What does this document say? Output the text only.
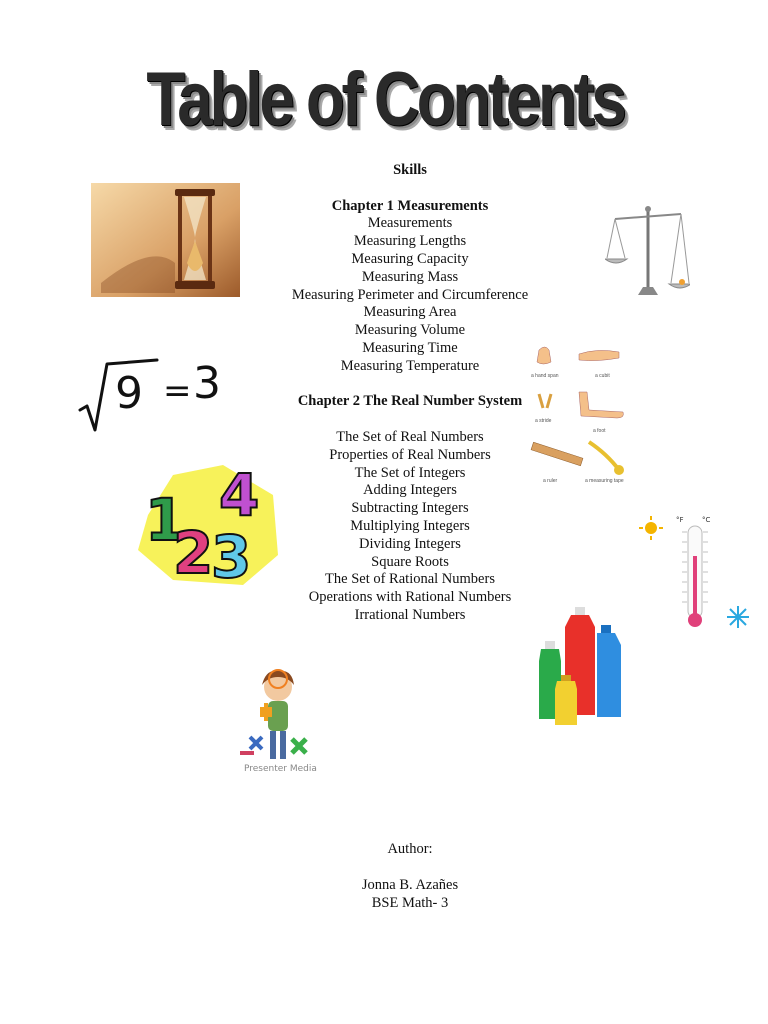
Table of Contents
Skills
Chapter 1 Measurements
Measurements
Measuring Lengths
Measuring Capacity
Measuring Mass
Measuring Perimeter and Circumference
Measuring Area
Measuring Volume
Measuring Time
Measuring Temperature
Chapter 2 The Real Number System
The Set of Real Numbers
Properties of Real Numbers
The Set of Integers
Adding Integers
Subtracting Integers
Multiplying Integers
Dividing Integers
Square Roots
The Set of Rational Numbers
Operations with Rational Numbers
Irrational Numbers
Author:
Jonna B. Azañes
BSE Math- 3
9 = 3	a hand span	a cubit
a stride
a foot
a ruler	a measuring tape
1
2
3
4	°F	°C
Presenter Media
